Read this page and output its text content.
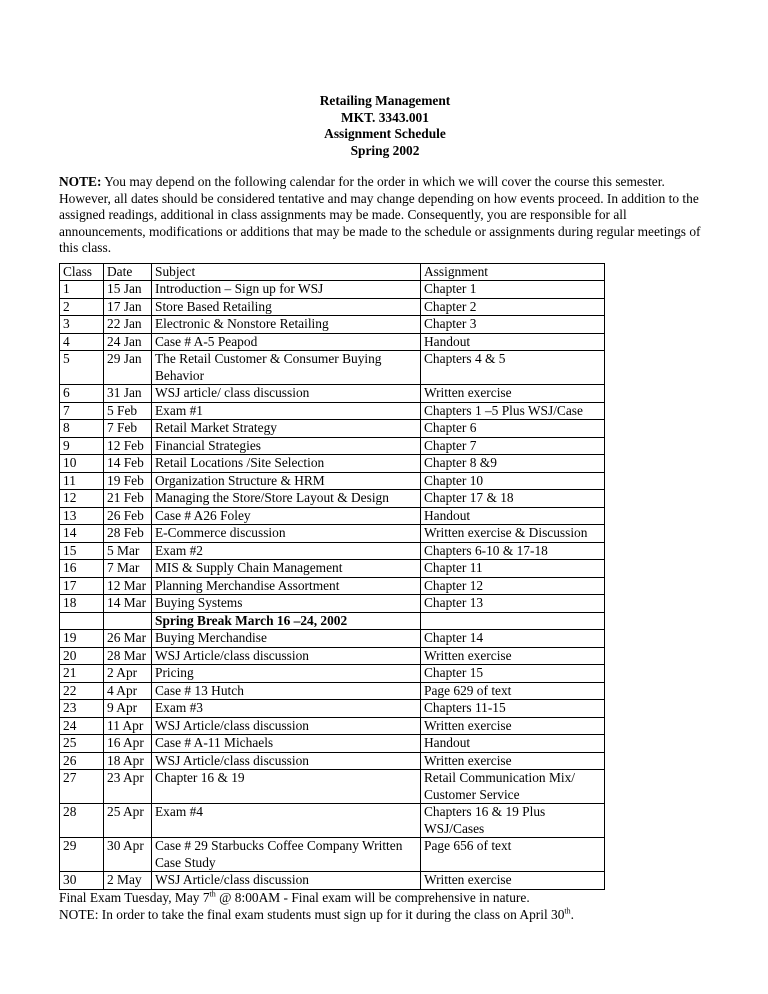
Retailing Management
MKT. 3343.001
Assignment Schedule
Spring 2002
NOTE: You may depend on the following calendar for the order in which we will cover the course this semester. However, all dates should be considered tentative and may change depending on how events proceed. In addition to the assigned readings, additional in class assignments may be made. Consequently, you are responsible for all announcements, modifications or additions that may be made to the schedule or assignments during regular meetings of this class.
Class	Date	Subject	Assignment
1	15 Jan	Introduction – Sign up for WSJ	Chapter 1
2	17 Jan	Store Based Retailing	Chapter 2
3	22 Jan	Electronic & Nonstore Retailing	Chapter 3
4	24 Jan	Case # A-5 Peapod	Handout
5	29 Jan	The Retail Customer & Consumer Buying Behavior	Chapters 4 & 5
6	31 Jan	WSJ article/ class discussion	Written exercise
7	5 Feb	Exam #1	Chapters 1 –5 Plus WSJ/Case
8	7 Feb	Retail Market Strategy	Chapter 6
9	12 Feb	Financial Strategies	Chapter 7
10	14 Feb	Retail Locations /Site Selection	Chapter 8 &9
11	19 Feb	Organization Structure & HRM	Chapter 10
12	21 Feb	Managing the Store/Store Layout & Design	Chapter 17 & 18
13	26 Feb	Case # A26 Foley	Handout
14	28 Feb	E-Commerce discussion	Written exercise & Discussion
15	5 Mar	Exam #2	Chapters 6-10 & 17-18
16	7 Mar	MIS & Supply Chain Management	Chapter 11
17	12 Mar	Planning Merchandise Assortment	Chapter 12
18	14 Mar	Buying Systems	Chapter 13
		Spring Break March 16 –24, 2002	
19	26 Mar	Buying Merchandise	Chapter 14
20	28 Mar	WSJ Article/class discussion	Written exercise
21	2 Apr	Pricing	Chapter 15
22	4 Apr	Case # 13 Hutch	Page 629 of text
23	9 Apr	Exam #3	Chapters 11-15
24	11 Apr	WSJ Article/class discussion	Written exercise
25	16 Apr	Case # A-11 Michaels	Handout
26	18 Apr	WSJ Article/class discussion	Written exercise
27	23 Apr	Chapter 16 & 19	Retail Communication Mix/ Customer Service
28	25 Apr	Exam #4	Chapters 16 & 19 Plus WSJ/Cases
29	30 Apr	Case # 29 Starbucks Coffee Company Written Case Study	Page 656 of text
30	2 May	WSJ Article/class discussion	Written exercise
Final Exam Tuesday, May 7th @ 8:00AM - Final exam will be comprehensive in nature.
NOTE: In order to take the final exam students must sign up for it during the class on April 30th.
